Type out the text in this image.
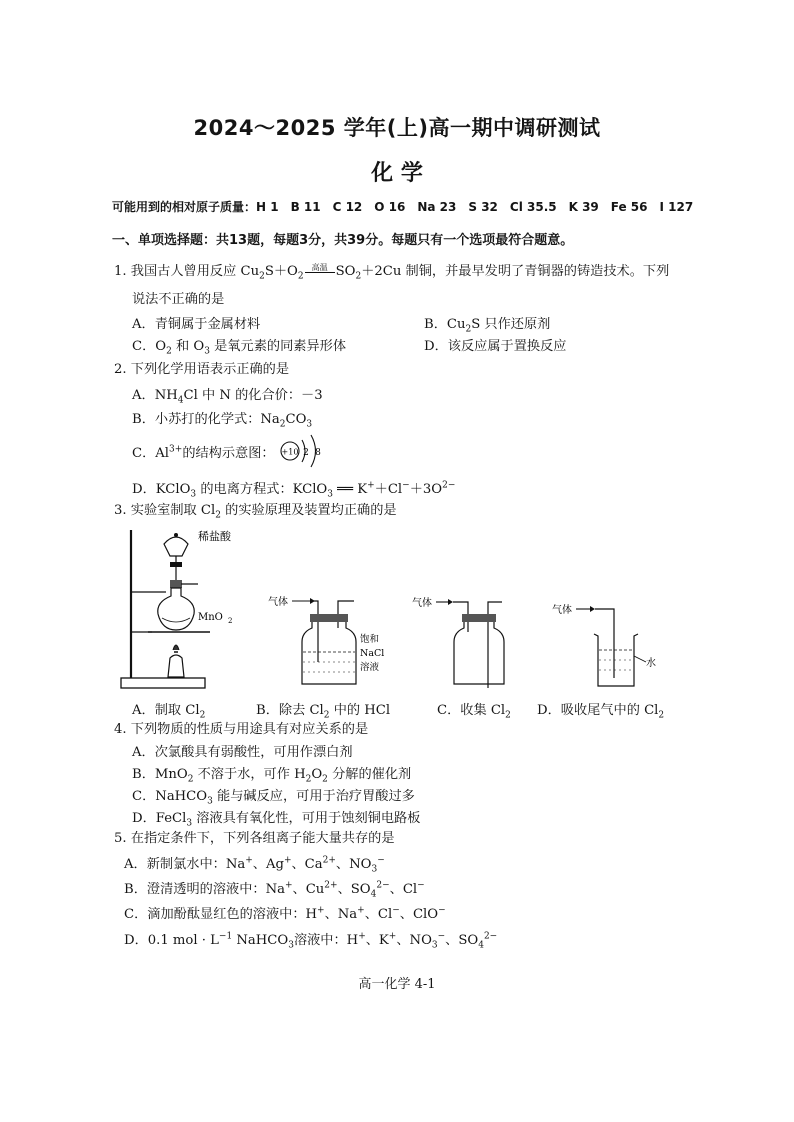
2024～2025 学年(上)高一期中调研测试
化 学
可能用到的相对原子质量：H 1　B 11　C 12　O 16　Na 23　S 32　Cl 35.5　K 39　Fe 56　I 127
一、单项选择题：共13题，每题3分，共39分。每题只有一个选项最符合题意。
1. 我国古人曾用反应 $Cu_2S+O_2$
高温 $SO_2+2Cu$ 制铜，并最早发明了青铜器的铸造技术。下列
说法不正确的是
A．青铜属于金属材料	B．$Cu_2S$ 只作还原剂
C．$O_2$ 和 $O_3$ 是氧元素的同素异形体	D．该反应属于置换反应
2. 下列化学用语表示正确的是
A．$NH_4Cl$ 中 N 的化合价：－3
B．小苏打的化学式：$Na_2CO_3$
C．$Al^{3+}$的结构示意图： +10 2 8
D．KClO$_3$ 的电离方程式：KClO$_3$ ══ $K^++Cl^-+3O^{2-}$
3. 实验室制取 $Cl_2$ 的实验原理及装置均正确的是
稀盐酸
MnO 2
气体
饱和
NaCl
溶液
气体
气体
水
A．制取 $Cl_2$	B．除去 $Cl_2$ 中的 HCl	C．收集 $Cl_2$ D．吸收尾气中的 $Cl_2$
4. 下列物质的性质与用途具有对应关系的是
A．次氯酸具有弱酸性，可用作漂白剂
B．MnO$_2$ 不溶于水，可作 $H_2O_2$ 分解的催化剂
C．NaHCO$_3$ 能与碱反应，可用于治疗胃酸过多
D．FeCl$_3$ 溶液具有氧化性，可用于蚀刻铜电路板
5. 在指定条件下，下列各组离子能大量共存的是
A．新制氯水中：Na+、Ag+、$Ca^{2+}$、$NO_3^-$
B．澄清透明的溶液中：Na+、$Cu^{2+}$、$SO_4^{2-}$、Cl−
C．滴加酚酞显红色的溶液中：H+、Na+、Cl−、ClO−
D．0.1 mol · $L^{-1}$ NaHCO$_3$溶液中：H+、K+、$NO_3^-$、$SO_4^{2-}$
高一化学 4-1
